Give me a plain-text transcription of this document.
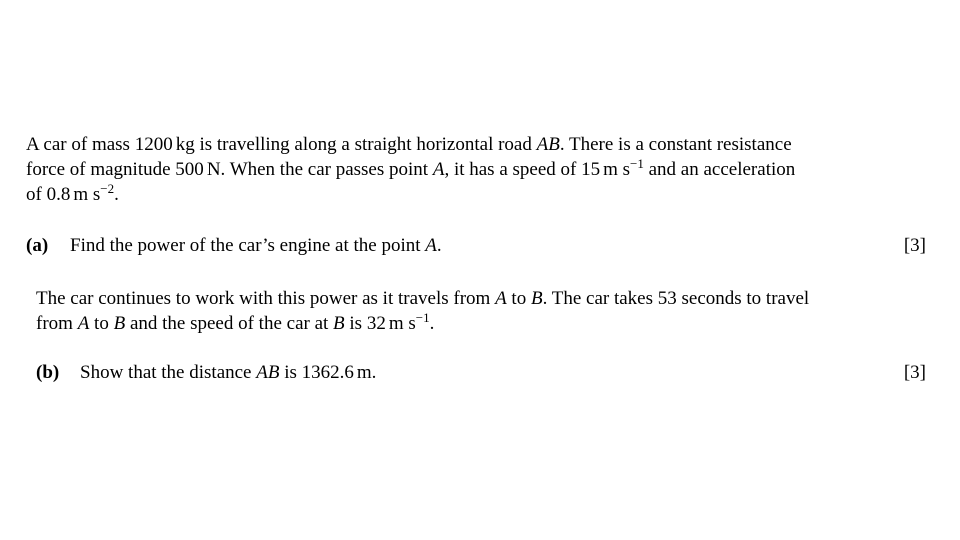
A car of mass 1200 kg is travelling along a straight horizontal road AB. There is a constant resistance
force of magnitude 500 N. When the car passes point A, it has a speed of 15 m $s^{-1}$ and an acceleration
of 0.8 m $s^{-2}$.

(a) Find the power of the car’s engine at the point A.	[3]

The car continues to work with this power as it travels from A to B. The car takes 53 seconds to travel
from A to B and the speed of the car at B is 32 m $s^{-1}$.

(b) Show that the distance AB is 1362.6 m.	[3]
